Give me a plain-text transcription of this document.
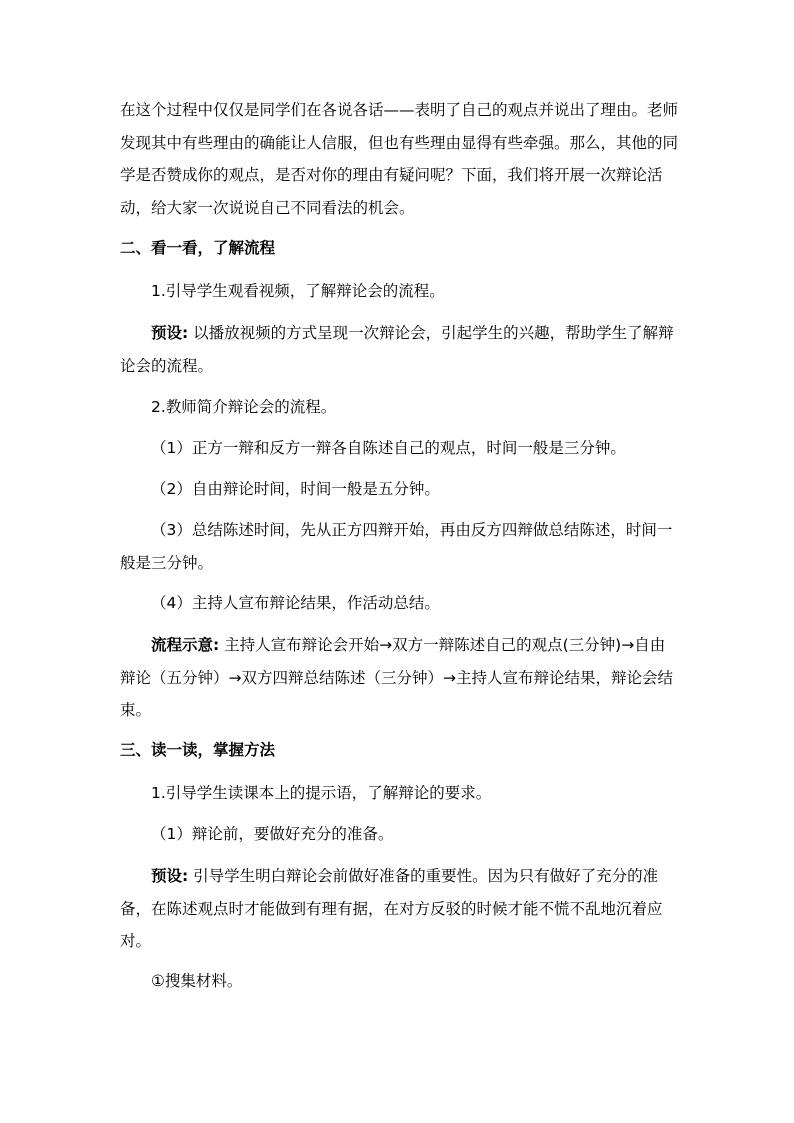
在这个过程中仅仅是同学们在各说各话——表明了自己的观点并说出了理由。老师发现其中有些理由的确能让人信服，但也有些理由显得有些牵强。那么，其他的同学是否赞成你的观点，是否对你的理由有疑问呢？下面，我们将开展一次辩论活动，给大家一次说说自己不同看法的机会。

二、看一看，了解流程

1.引导学生观看视频，了解辩论会的流程。

预设: 以播放视频的方式呈现一次辩论会，引起学生的兴趣，帮助学生了解辩论会的流程。

2.教师简介辩论会的流程。

（1）正方一辩和反方一辩各自陈述自己的观点，时间一般是三分钟。

（2）自由辩论时间，时间一般是五分钟。

（3）总结陈述时间，先从正方四辩开始，再由反方四辩做总结陈述，时间一般是三分钟。

（4）主持人宣布辩论结果，作活动总结。

流程示意: 主持人宣布辩论会开始→双方一辩陈述自己的观点(三分钟)→自由辩论（五分钟）→双方四辩总结陈述（三分钟）→主持人宣布辩论结果，辩论会结束。

三、读一读，掌握方法

1.引导学生读课本上的提示语，了解辩论的要求。

（1）辩论前，要做好充分的准备。

预设: 引导学生明白辩论会前做好准备的重要性。因为只有做好了充分的准备，在陈述观点时才能做到有理有据，在对方反驳的时候才能不慌不乱地沉着应对。

①搜集材料。
